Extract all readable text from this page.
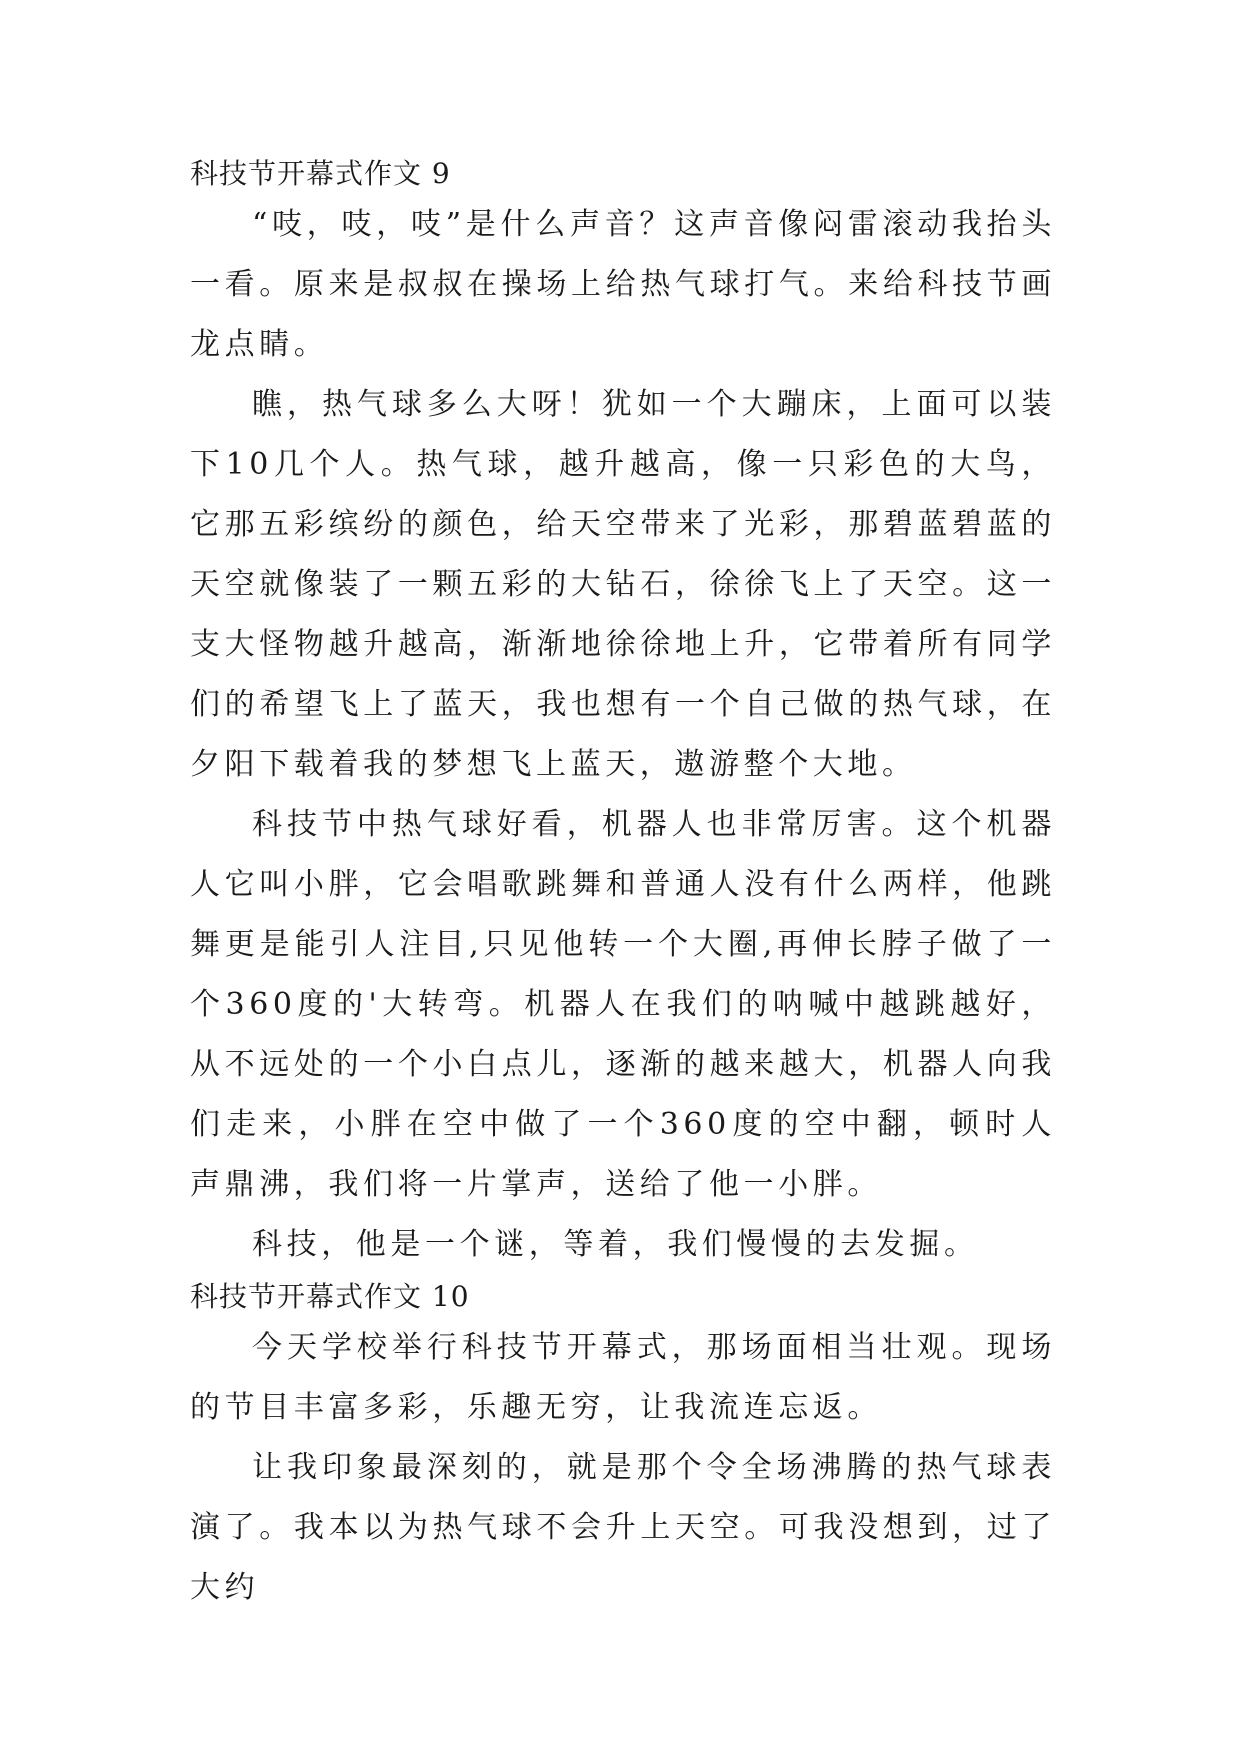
科技节开幕式作文 9

“吱，吱，吱”是什么声音？这声音像闷雷滚动我抬头一看。原来是叔叔在操场上给热气球打气。来给科技节画龙点睛。

瞧，热气球多么大呀！犹如一个大蹦床，上面可以装下10几个人。热气球，越升越高，像一只彩色的大鸟，它那五彩缤纷的颜色，给天空带来了光彩，那碧蓝碧蓝的天空就像装了一颗五彩的大钻石，徐徐飞上了天空。这一支大怪物越升越高，渐渐地徐徐地上升，它带着所有同学们的希望飞上了蓝天，我也想有一个自己做的热气球，在夕阳下载着我的梦想飞上蓝天，遨游整个大地。

科技节中热气球好看，机器人也非常厉害。这个机器人它叫小胖，它会唱歌跳舞和普通人没有什么两样，他跳舞更是能引人注目,只见他转一个大圈,再伸长脖子做了一个360度的'大转弯。机器人在我们的呐喊中越跳越好，从不远处的一个小白点儿，逐渐的越来越大，机器人向我们走来，小胖在空中做了一个360度的空中翻，顿时人声鼎沸，我们将一片掌声，送给了他一小胖。

科技，他是一个谜，等着，我们慢慢的去发掘。

科技节开幕式作文 10

今天学校举行科技节开幕式，那场面相当壮观。现场的节目丰富多彩，乐趣无穷，让我流连忘返。

让我印象最深刻的，就是那个令全场沸腾的热气球表演了。我本以为热气球不会升上天空。可我没想到，过了大约
